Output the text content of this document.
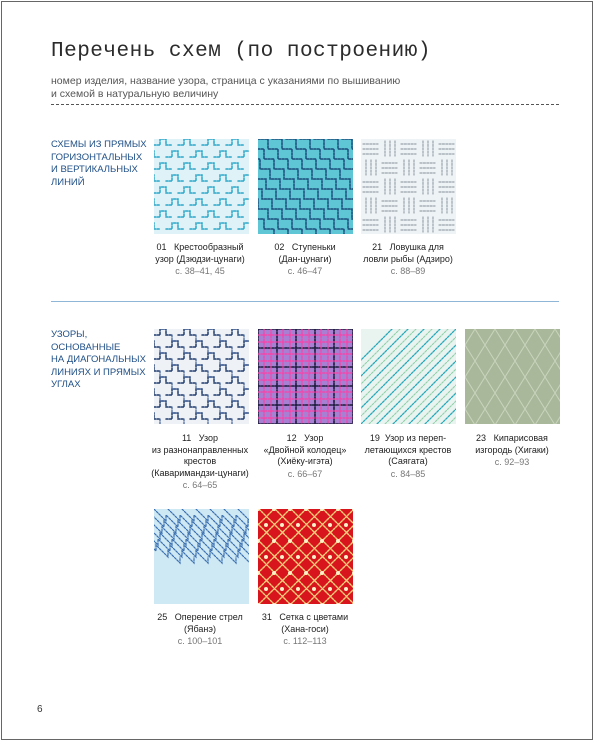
Перечень схем (по построению)
номер изделия, название узора, страница с указаниями по вышиванию
и схемой в натуральную величину
СХЕМЫ ИЗ ПРЯМЫХ
ГОРИЗОНТАЛЬНЫХ
И ВЕРТИКАЛЬНЫХ
ЛИНИЙ
УЗОРЫ,
ОСНОВАННЫЕ
НА ДИАГОНАЛЬНЫХ
ЛИНИЯХ И ПРЯМЫХ
УГЛАХ
01 Крестообразный
узор (Дзюдзи-цунаги)
с. 38–41, 45
02 Ступеньки
(Дан-цунаги)
с. 46–47
21 Ловушка для
ловли рыбы (Адзиро)
с. 88–89
11 Узор
из разнонаправленных
крестов
(Каваримандзи-цунаги)
с. 64–65
12 Узор
«Двойной колодец»
(Хиёку-игэта)
с. 66–67
19 Узор из переп-
летающихся крестов
(Саягата)
с. 84–85
23 Кипарисовая
изгородь (Хигаки)
с. 92–93
25 Оперение стрел
(Ябанэ)
с. 100–101
31 Сетка с цветами
(Хана-госи)
с. 112–113
6
